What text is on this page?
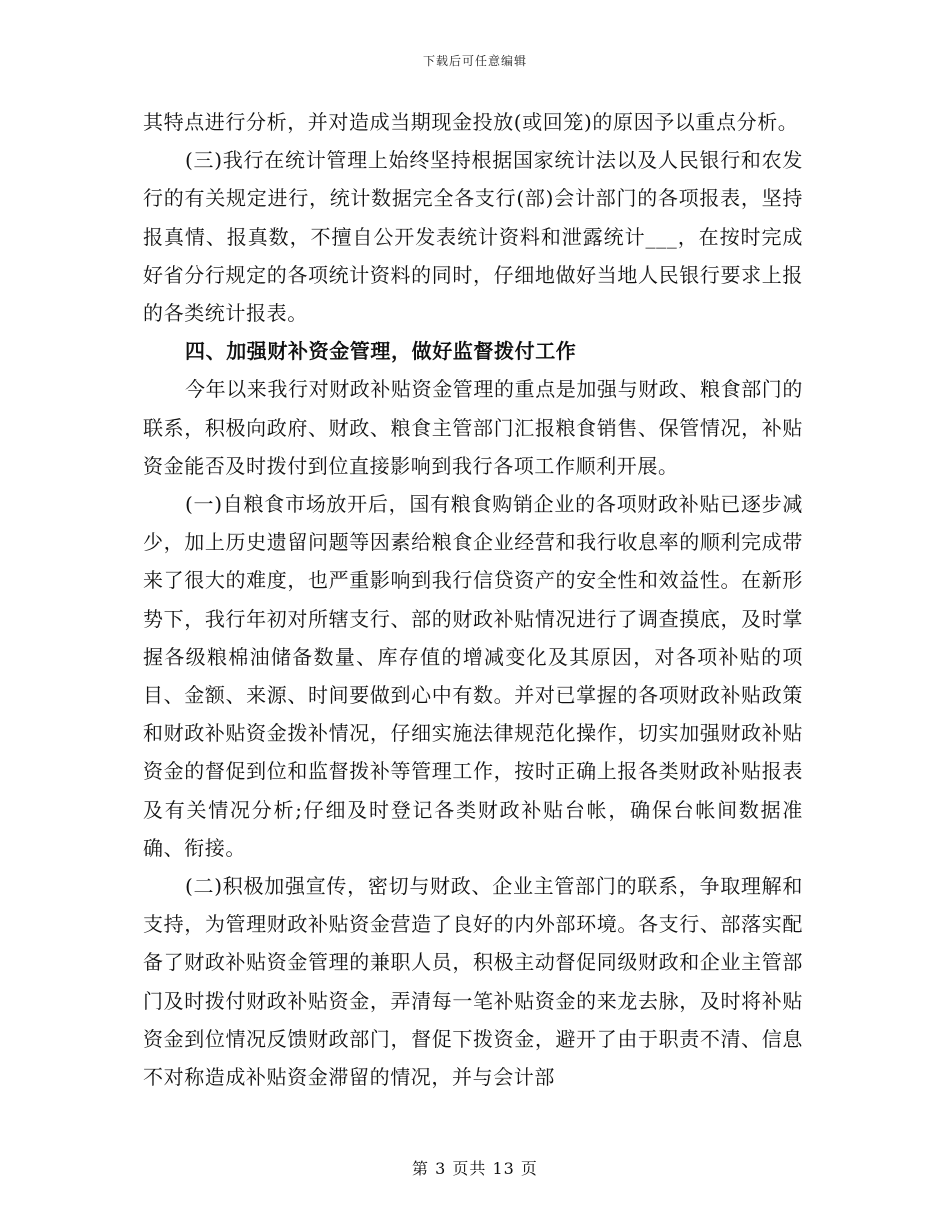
下载后可任意编辑

其特点进行分析，并对造成当期现金投放(或回笼)的原因予以重点分析。

(三)我行在统计管理上始终坚持根据国家统计法以及人民银行和农发行的有关规定进行，统计数据完全各支行(部)会计部门的各项报表，坚持报真情、报真数，不擅自公开发表统计资料和泄露统计___，在按时完成好省分行规定的各项统计资料的同时，仔细地做好当地人民银行要求上报的各类统计报表。

四、加强财补资金管理，做好监督拨付工作

今年以来我行对财政补贴资金管理的重点是加强与财政、粮食部门的联系，积极向政府、财政、粮食主管部门汇报粮食销售、保管情况，补贴资金能否及时拨付到位直接影响到我行各项工作顺利开展。

(一)自粮食市场放开后，国有粮食购销企业的各项财政补贴已逐步减少，加上历史遗留问题等因素给粮食企业经营和我行收息率的顺利完成带来了很大的难度，也严重影响到我行信贷资产的安全性和效益性。在新形势下，我行年初对所辖支行、部的财政补贴情况进行了调查摸底，及时掌握各级粮棉油储备数量、库存值的增减变化及其原因，对各项补贴的项目、金额、来源、时间要做到心中有数。并对已掌握的各项财政补贴政策和财政补贴资金拨补情况，仔细实施法律规范化操作，切实加强财政补贴资金的督促到位和监督拨补等管理工作，按时正确上报各类财政补贴报表及有关情况分析;仔细及时登记各类财政补贴台帐，确保台帐间数据准确、衔接。

(二)积极加强宣传，密切与财政、企业主管部门的联系，争取理解和支持，为管理财政补贴资金营造了良好的内外部环境。各支行、部落实配备了财政补贴资金管理的兼职人员，积极主动督促同级财政和企业主管部门及时拨付财政补贴资金，弄清每一笔补贴资金的来龙去脉，及时将补贴资金到位情况反馈财政部门，督促下拨资金，避开了由于职责不清、信息不对称造成补贴资金滞留的情况，并与会计部

第 3 页共 13 页
